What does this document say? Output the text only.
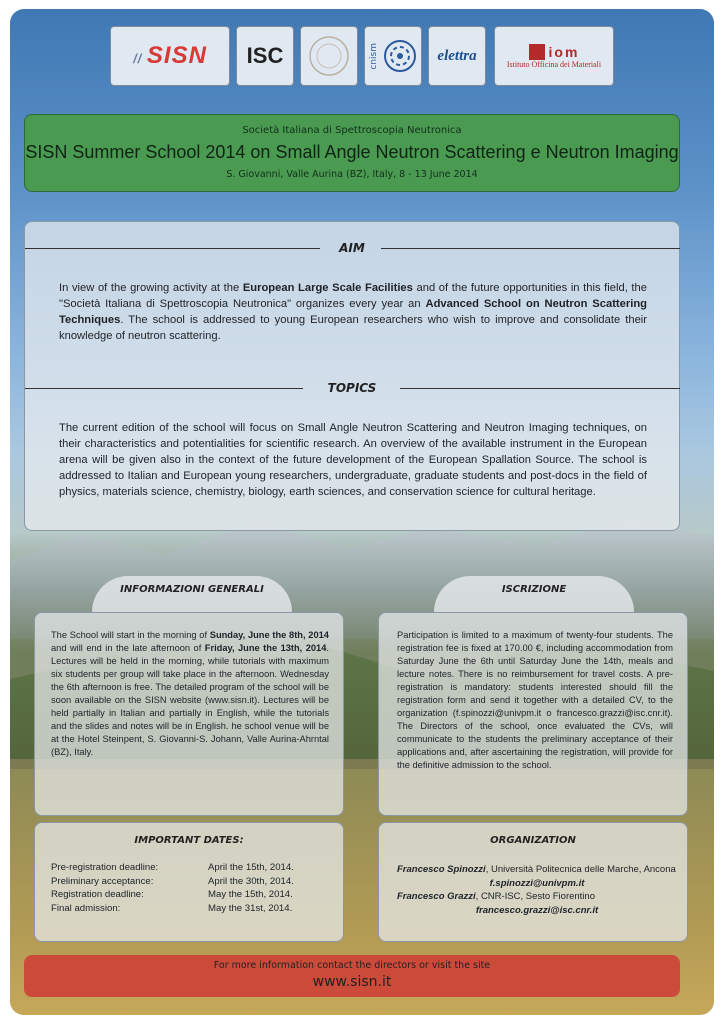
// SISN ISC	cnism	elettra	iom
Istituto Officina dei Materiali
Società Italiana di Spettroscopia Neutronica
SISN Summer School 2014 on Small Angle Neutron Scattering e Neutron Imaging
S. Giovanni, Valle Aurina (BZ), Italy, 8 - 13 June 2014
AIM
In view of the growing activity at the European Large Scale Facilities and of the future opportunities in this field, the "Società Italiana di Spettroscopia Neutronica" organizes every year an Advanced School on Neutron Scattering Techniques. The school is addressed to young European researchers who wish to improve and consolidate their knowledge of neutron scattering.
TOPICS
The current edition of the school will focus on Small Angle Neutron Scattering and Neutron Imaging techniques, on their characteristics and potentialities for scientific research. An overview of the available instrument in the European arena will be given also in the context of the future development of the European Spallation Source. The school is addressed to Italian and European young researchers, undergraduate, graduate students and post-docs in the field of physics, materials science, chemistry, biology, earth sciences, and conservation science for cultural heritage.
INFORMAZIONI GENERALI
The School will start in the morning of Sunday, June the 8th, 2014 and will end in the late afternoon of Friday, June the 13th, 2014. Lectures will be held in the morning, while tutorials with maximum six students per group will take place in the afternoon. Wednesday the 6th afternoon is free. The detailed program of the school will be soon available on the SISN website (www.sisn.it). Lectures will be held partially in Italian and partially in English, while the tutorials and the slides and notes will be in English. he school venue will be at the Hotel Steinpent, S. Giovanni-S. Johann, Valle Aurina-Ahrntal (BZ), Italy.
ISCRIZIONE
Participation is limited to a maximum of twenty-four students. The registration fee is fixed at 170.00 €, including accommodation from Saturday June the 6th until Saturday June the 14th, meals and lecture notes. There is no reimbursement for travel costs. A pre-registration is mandatory: students interested should fill the registration form and send it together with a detailed CV, to the organization (f.spinozzi@univpm.it o francesco.grazzi@isc.cnr.it). The Directors of the school, once evaluated the CVs, will communicate to the students the preliminary acceptance of their applications and, after ascertaining the registration, will provide for the definitive admission to the school.
IMPORTANT DATES:
Pre-registration deadline:	April the 15th, 2014.
Preliminary acceptance:	April the 30th, 2014.
Registration deadline:	May the 15th, 2014.
Final admission:	May the 31st, 2014.
ORGANIZATION
Francesco Spinozzi, Università Politecnica delle Marche, Ancona
f.spinozzi@univpm.it
Francesco Grazzi, CNR-ISC, Sesto Fiorentino
francesco.grazzi@isc.cnr.it
For more information contact the directors or visit the site
www.sisn.it
